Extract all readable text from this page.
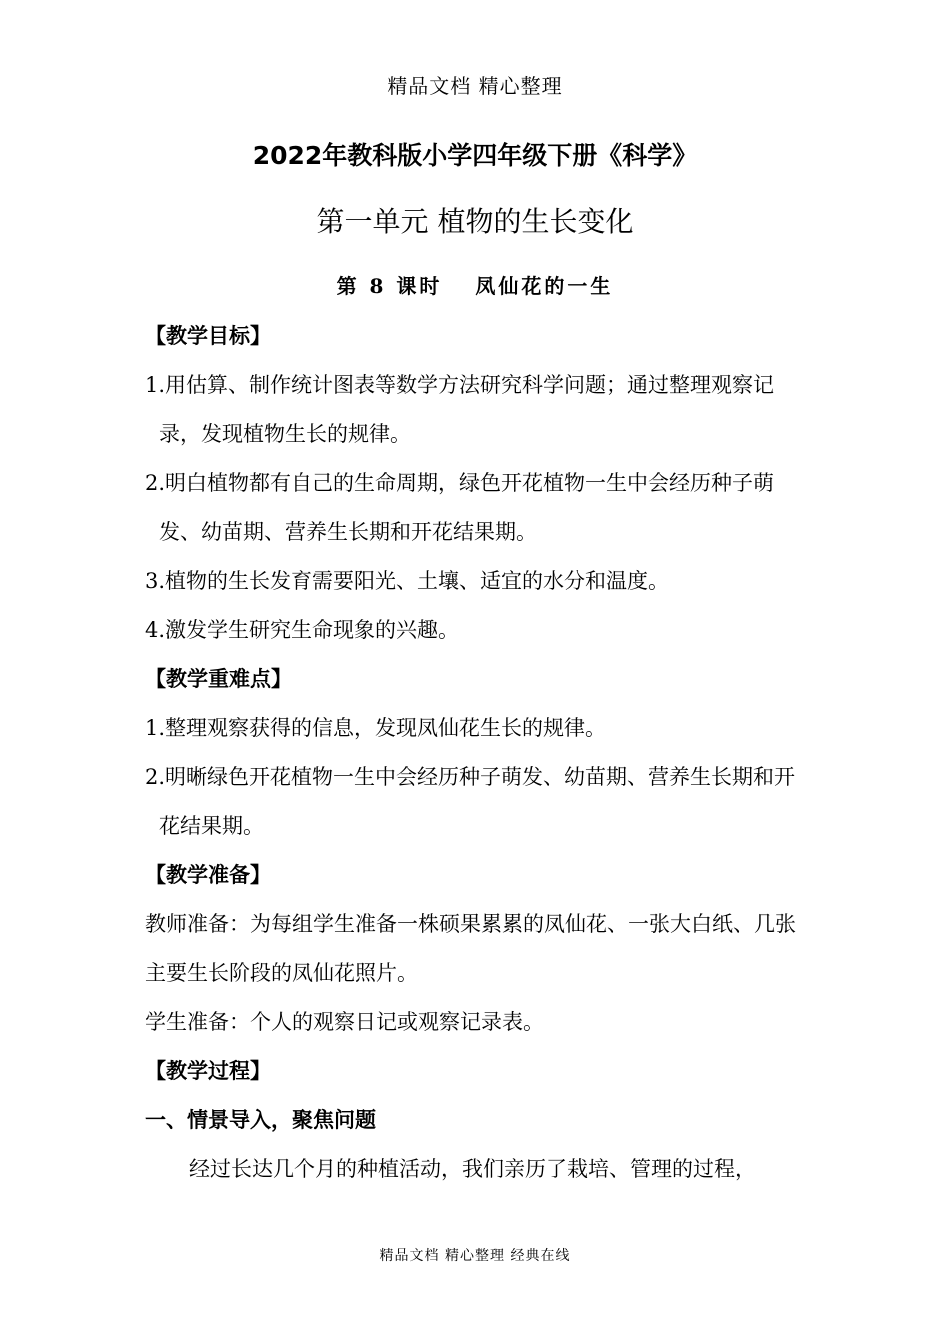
精品文档 精心整理
2022年教科版小学四年级下册《科学》
第一单元 植物的生长变化
第 8 课时　 凤仙花的一生
【教学目标】
1.用估算、制作统计图表等数学方法研究科学问题；通过整理观察记录，发现植物生长的规律。
2.明白植物都有自己的生命周期，绿色开花植物一生中会经历种子萌发、幼苗期、营养生长期和开花结果期。
3.植物的生长发育需要阳光、土壤、适宜的水分和温度。
4.激发学生研究生命现象的兴趣。
【教学重难点】
1.整理观察获得的信息，发现凤仙花生长的规律。
2.明晰绿色开花植物一生中会经历种子萌发、幼苗期、营养生长期和开花结果期。
【教学准备】
教师准备：为每组学生准备一株硕果累累的凤仙花、一张大白纸、几张主要生长阶段的凤仙花照片。
学生准备：个人的观察日记或观察记录表。
【教学过程】
一、情景导入，聚焦问题
经过长达几个月的种植活动，我们亲历了栽培、管理的过程，
精品文档 精心整理 经典在线
